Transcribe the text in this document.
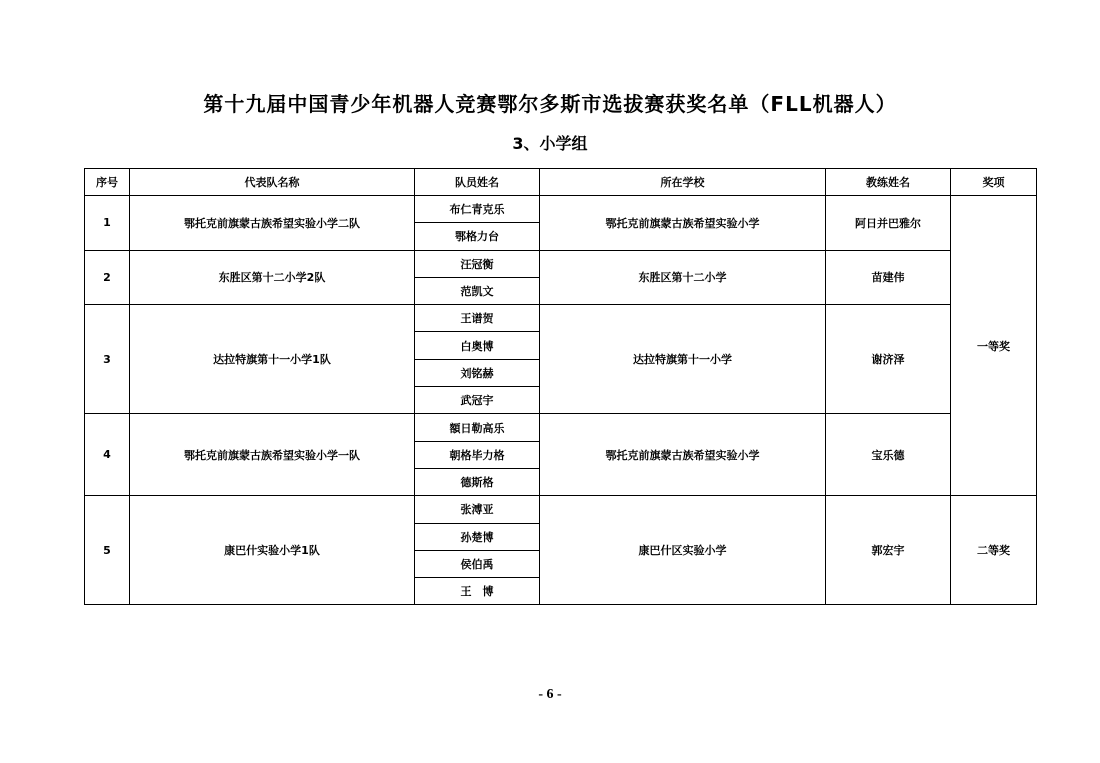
第十九届中国青少年机器人竞赛鄂尔多斯市选拔赛获奖名单（FLL机器人）
3、小学组
序号	代表队名称	队员姓名	所在学校	教练姓名	奖项
1	鄂托克前旗蒙古族希望实验小学二队	布仁青克乐	鄂托克前旗蒙古族希望实验小学	阿日并巴雅尔	一等奖
		鄂格力台			
2	东胜区第十二小学2队	汪冠衡	东胜区第十二小学	苗建伟	
		范凯文			
3	达拉特旗第十一小学1队	王谱贺	达拉特旗第十一小学	谢济泽	
		白奥博			
		刘铭赫			
		武冠宇			
4	鄂托克前旗蒙古族希望实验小学一队	額日勒高乐	鄂托克前旗蒙古族希望实验小学	宝乐德	
		朝格毕力格			
		德斯格			
5	康巴什实验小学1队	张溥亚	康巴什区实验小学	郭宏宇	二等奖
		孙楚博			
		侯伯禹			
		王　博			
- 6 -
